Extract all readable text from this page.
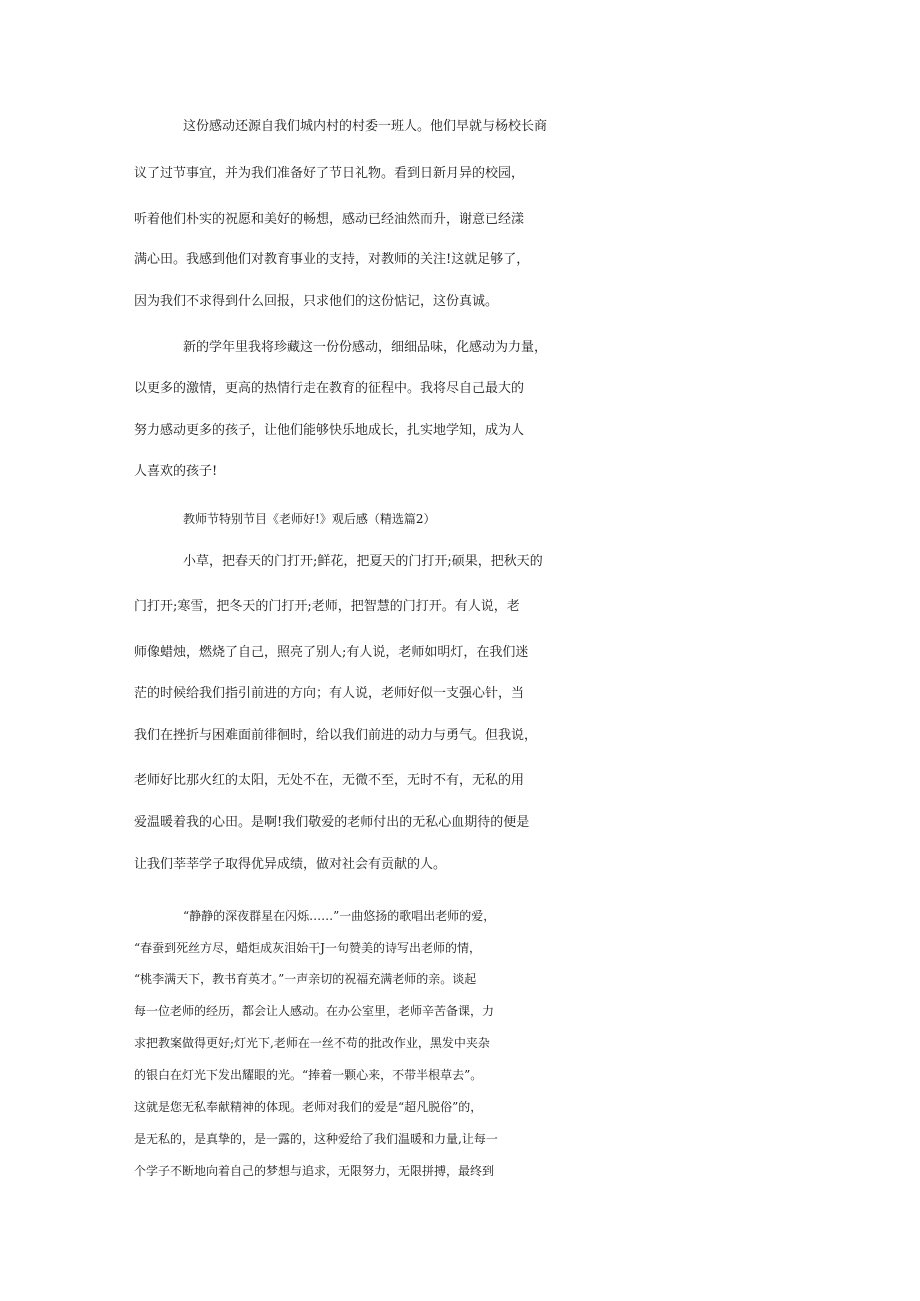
这份感动还源自我们城内村的村委一班人。他们早就与杨校长商
议了过节事宜，并为我们准备好了节日礼物。看到日新月异的校园，
听着他们朴实的祝愿和美好的畅想，感动已经油然而升，谢意已经漾
满心田。我感到他们对教育事业的支持，对教师的关注!这就足够了，
因为我们不求得到什么回报，只求他们的这份惦记，这份真诚。
新的学年里我将珍藏这一份份感动，细细品味，化感动为力量，
以更多的激情，更高的热情行走在教育的征程中。我将尽自己最大的
努力感动更多的孩子，让他们能够快乐地成长，扎实地学知，成为人
人喜欢的孩子!
教师节特别节目《老师好!》观后感（精选篇2）
小草，把春天的门打开;鲜花，把夏天的门打开;硕果，把秋天的
门打开;寒雪，把冬天的门打开;老师，把智慧的门打开。有人说，老
师像蜡烛，燃烧了自己，照亮了别人;有人说，老师如明灯，在我们迷
茫的时候给我们指引前进的方向；有人说，老师好似一支强心针，当
我们在挫折与困难面前徘徊时，给以我们前进的动力与勇气。但我说，
老师好比那火红的太阳，无处不在，无微不至，无时不有，无私的用
爱温暖着我的心田。是啊!我们敬爱的老师付出的无私心血期待的便是
让我们莘莘学子取得优异成绩，做对社会有贡献的人。
“静静的深夜群星在闪烁……”一曲悠扬的歌唱出老师的爱，
“春蚕到死丝方尽，蜡炬成灰泪始干J一句赞美的诗写出老师的情，
“桃李满天下，教书育英才。”一声亲切的祝福充满老师的亲。谈起
每一位老师的经历，都会让人感动。在办公室里，老师辛苦备课，力
求把教案做得更好;灯光下,老师在一丝不苟的批改作业，黑发中夹杂
的银白在灯光下发出耀眼的光。“捧着一颗心来，不带半根草去”。
这就是您无私奉献精神的体现。老师对我们的爱是“超凡脱俗”的，
是无私的，是真挚的，是一露的，这种爱给了我们温暖和力量,让每一
个学子不断地向着自己的梦想与追求，无限努力，无限拼搏，最终到
